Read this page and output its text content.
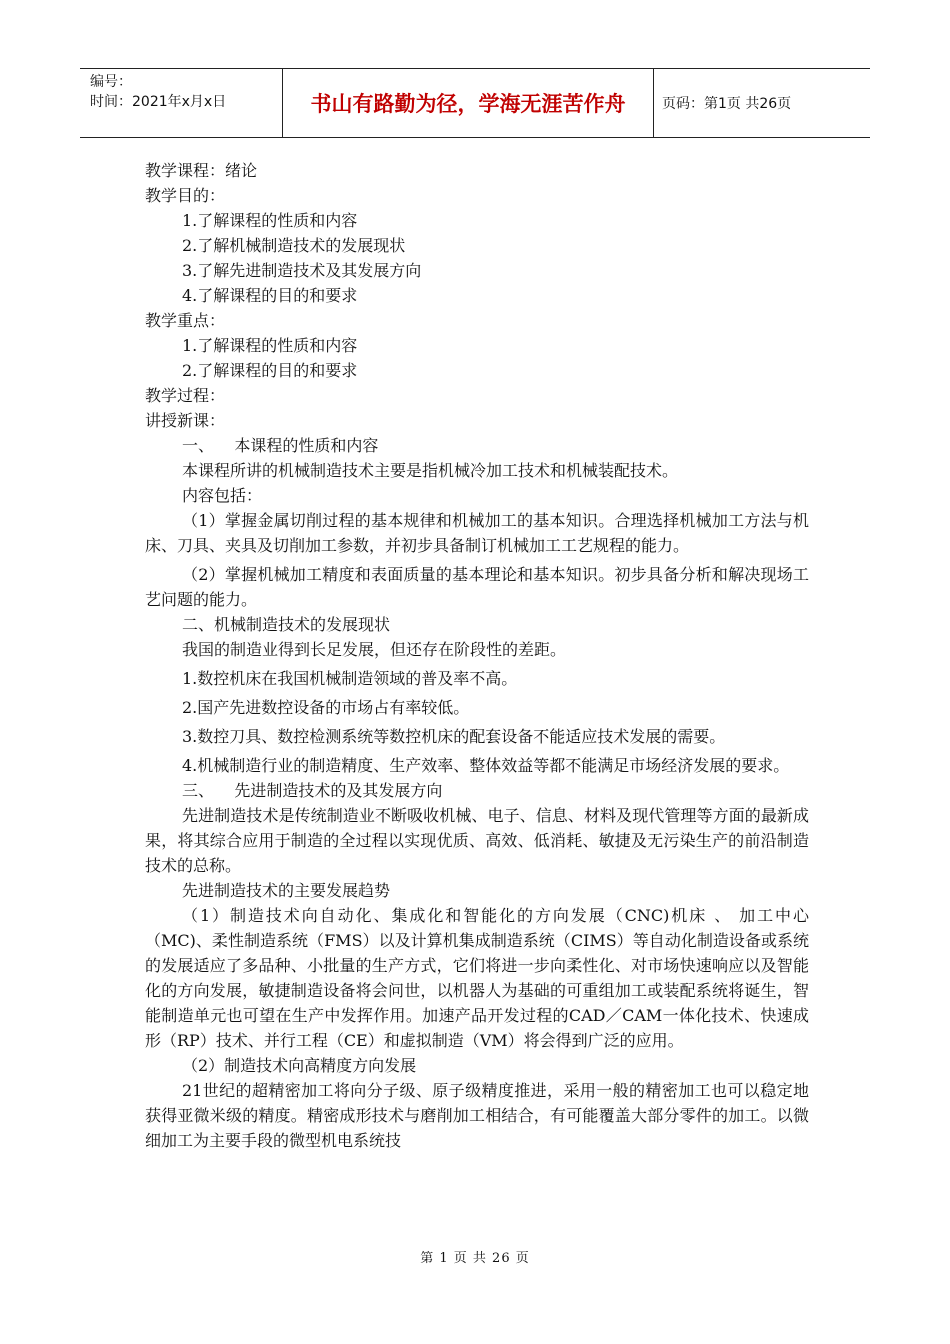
编号：
时间：2021年x月x日	书山有路勤为径，学海无涯苦作舟	页码：第1页 共26页
教学课程：绪论
教学目的：
1.了解课程的性质和内容
2.了解机械制造技术的发展现状
3.了解先进制造技术及其发展方向
4.了解课程的目的和要求
教学重点：
1.了解课程的性质和内容
2.了解课程的目的和要求
教学过程：
讲授新课：
一、    本课程的性质和内容
本课程所讲的机械制造技术主要是指机械冷加工技术和机械装配技术。
内容包括：
（1）掌握金属切削过程的基本规律和机械加工的基本知识。合理选择机械加工方法与机床、刀具、夹具及切削加工参数，并初步具备制订机械加工工艺规程的能力。
（2）掌握机械加工精度和表面质量的基本理论和基本知识。初步具备分析和解决现场工艺问题的能力。
二、机械制造技术的发展现状
我国的制造业得到长足发展，但还存在阶段性的差距。
1.数控机床在我国机械制造领域的普及率不高。
2.国产先进数控设备的市场占有率较低。
3.数控刀具、数控检测系统等数控机床的配套设备不能适应技术发展的需要。
4.机械制造行业的制造精度、生产效率、整体效益等都不能满足市场经济发展的要求。
三、    先进制造技术的及其发展方向
先进制造技术是传统制造业不断吸收机械、电子、信息、材料及现代管理等方面的最新成果，将其综合应用于制造的全过程以实现优质、高效、低消耗、敏捷及无污染生产的前沿制造技术的总称。
先进制造技术的主要发展趋势
（1）制造技术向自动化、集成化和智能化的方向发展（CNC)机床 、 加工中心（MC)、柔性制造系统（FMS）以及计算机集成制造系统（CIMS）等自动化制造设备或系统的发展适应了多品种、小批量的生产方式，它们将进一步向柔性化、对市场快速响应以及智能化的方向发展，敏捷制造设备将会问世，以机器人为基础的可重组加工或装配系统将诞生，智能制造单元也可望在生产中发挥作用。加速产品开发过程的CAD／CAM一体化技术、快速成形（RP）技术、并行工程（CE）和虚拟制造（VM）将会得到广泛的应用。
（2）制造技术向高精度方向发展
21世纪的超精密加工将向分子级、原子级精度推进，采用一般的精密加工也可以稳定地获得亚微米级的精度。精密成形技术与磨削加工相结合，有可能覆盖大部分零件的加工。以微细加工为主要手段的微型机电系统技
第 1 页 共 26 页
